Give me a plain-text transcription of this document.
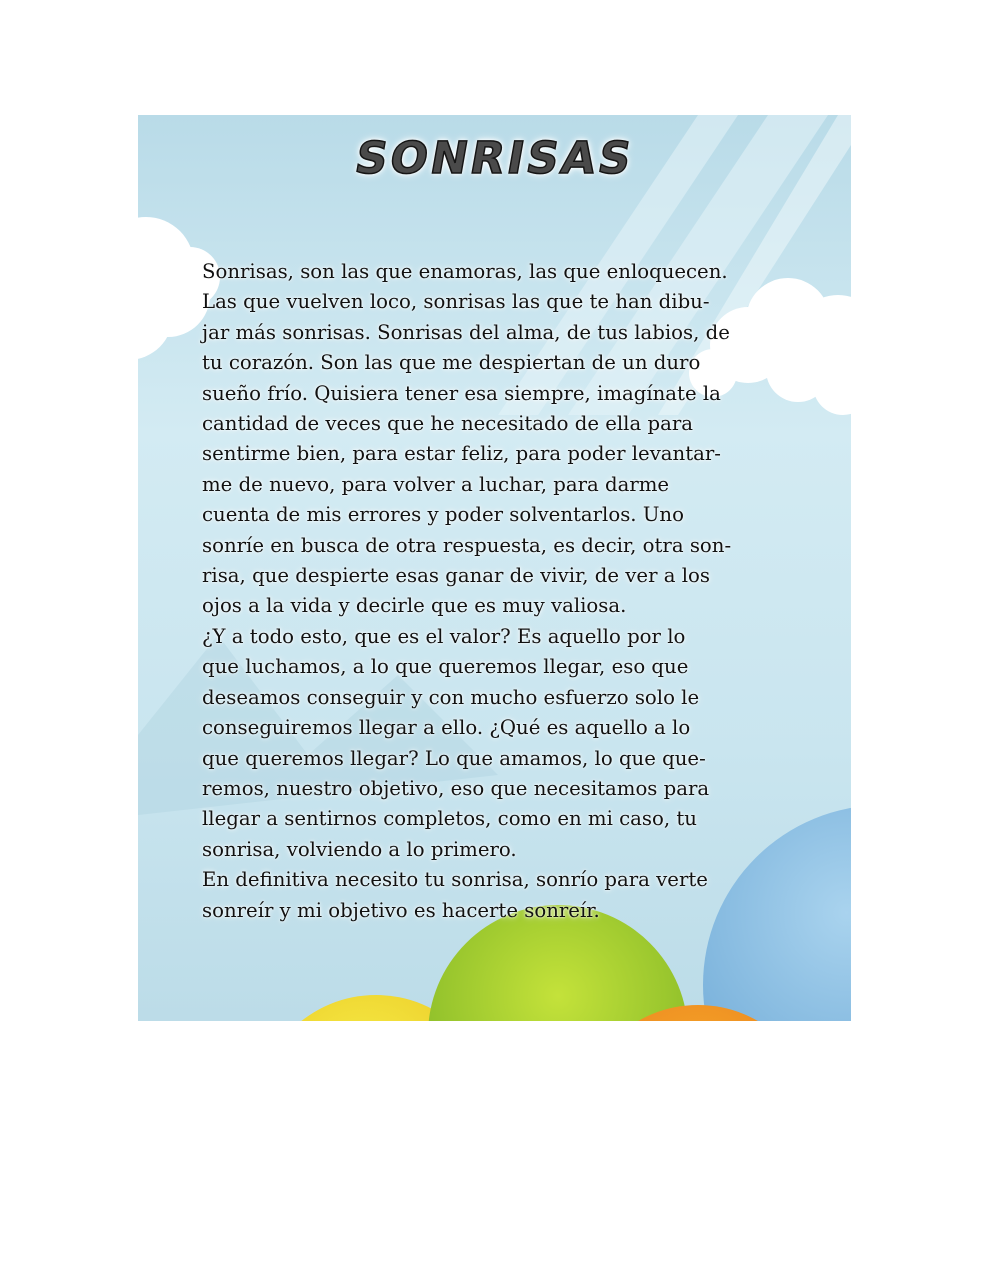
SONRISAS
Sonrisas, son las que enamoras, las que enloquecen.
Las que vuelven loco, sonrisas las que te han dibu-
jar más sonrisas. Sonrisas del alma, de tus labios, de
tu corazón. Son las que me despiertan de un duro
sueño frío. Quisiera tener esa siempre, imagínate la
cantidad de veces que he necesitado de ella para
sentirme bien, para estar feliz, para poder levantar-
me de nuevo, para volver a luchar, para darme
cuenta de mis errores y poder solventarlos. Uno
sonríe en busca de otra respuesta, es decir, otra son-
risa, que despierte esas ganar de vivir, de ver a los
ojos a la vida y decirle que es muy valiosa.
¿Y a todo esto, que es el valor? Es aquello por lo
que luchamos, a lo que queremos llegar, eso que
deseamos conseguir y con mucho esfuerzo solo le
conseguiremos llegar a ello. ¿Qué es aquello a lo
que queremos llegar? Lo que amamos, lo que que-
remos, nuestro objetivo, eso que necesitamos para
llegar a sentirnos completos, como en mi caso, tu
sonrisa, volviendo a lo primero.
En definitiva necesito tu sonrisa, sonrío para verte
sonreír y mi objetivo es hacerte sonreír.
